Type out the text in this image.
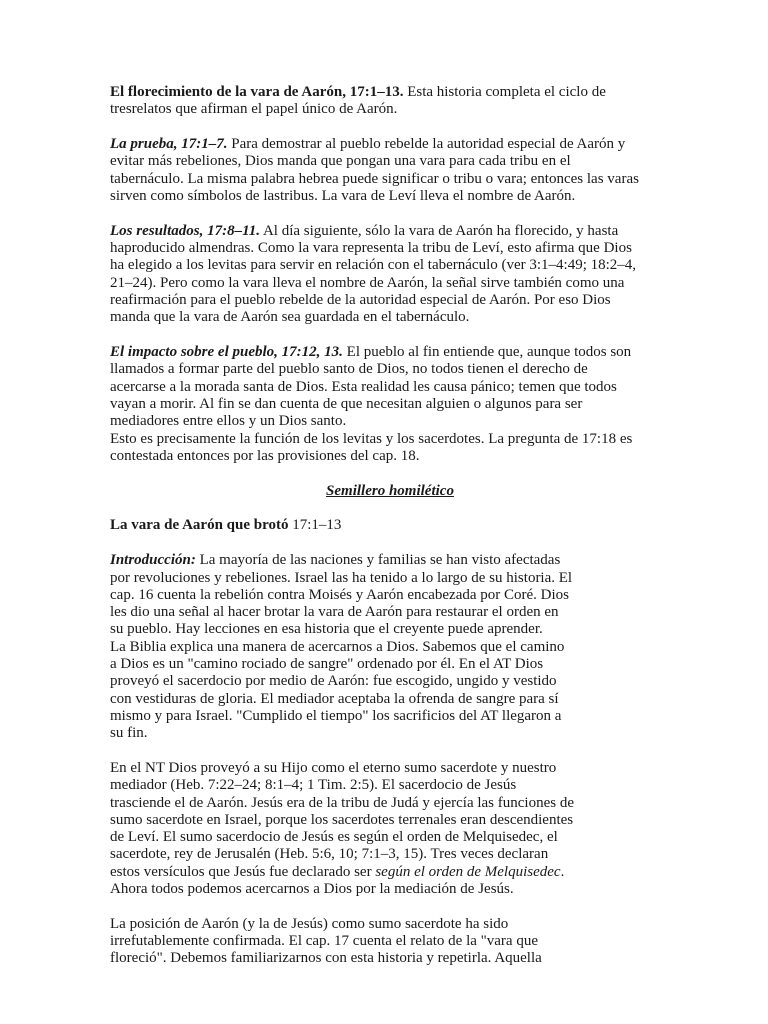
El florecimiento de la vara de Aarón, 17:1–13. Esta historia completa el ciclo de
tresrelatos que afirman el papel único de Aarón.
La prueba, 17:1–7. Para demostrar al pueblo rebelde la autoridad especial de Aarón y
evitar más rebeliones, Dios manda que pongan una vara para cada tribu en el
tabernáculo. La misma palabra hebrea puede significar o tribu o vara; entonces las varas
sirven como símbolos de lastribus. La vara de Leví lleva el nombre de Aarón.
Los resultados, 17:8–11. Al día siguiente, sólo la vara de Aarón ha florecido, y hasta
haproducido almendras. Como la vara representa la tribu de Leví, esto afirma que Dios
ha elegido a los levitas para servir en relación con el tabernáculo (ver 3:1–4:49; 18:2–4,
21–24). Pero como la vara lleva el nombre de Aarón, la señal sirve también como una
reafirmación para el pueblo rebelde de la autoridad especial de Aarón. Por eso Dios
manda que la vara de Aarón sea guardada en el tabernáculo.
El impacto sobre el pueblo, 17:12, 13. El pueblo al fin entiende que, aunque todos son
llamados a formar parte del pueblo santo de Dios, no todos tienen el derecho de
acercarse a la morada santa de Dios. Esta realidad les causa pánico; temen que todos
vayan a morir. Al fin se dan cuenta de que necesitan alguien o algunos para ser
mediadores entre ellos y un Dios santo.
Esto es precisamente la función de los levitas y los sacerdotes. La pregunta de 17:18 es
contestada entonces por las provisiones del cap. 18.
Semillero homilético
La vara de Aarón que brotó 17:1–13
Introducción: La mayoría de las naciones y familias se han visto afectadas
por revoluciones y rebeliones. Israel las ha tenido a lo largo de su historia. El
cap. 16 cuenta la rebelión contra Moisés y Aarón encabezada por Coré. Dios
les dio una señal al hacer brotar la vara de Aarón para restaurar el orden en
su pueblo. Hay lecciones en esa historia que el creyente puede aprender.
La Biblia explica una manera de acercarnos a Dios. Sabemos que el camino
a Dios es un "camino rociado de sangre" ordenado por él. En el AT Dios
proveyó el sacerdocio por medio de Aarón: fue escogido, ungido y vestido
con vestiduras de gloria. El mediador aceptaba la ofrenda de sangre para sí
mismo y para Israel. "Cumplido el tiempo" los sacrificios del AT llegaron a
su fin.
En el NT Dios proveyó a su Hijo como el eterno sumo sacerdote y nuestro
mediador (Heb. 7:22–24; 8:1–4; 1 Tim. 2:5). El sacerdocio de Jesús
trasciende el de Aarón. Jesús era de la tribu de Judá y ejercía las funciones de
sumo sacerdote en Israel, porque los sacerdotes terrenales eran descendientes
de Leví. El sumo sacerdocio de Jesús es según el orden de Melquisedec, el
sacerdote, rey de Jerusalén (Heb. 5:6, 10; 7:1–3, 15). Tres veces declaran
estos versículos que Jesús fue declarado ser según el orden de Melquisedec.
Ahora todos podemos acercarnos a Dios por la mediación de Jesús.
La posición de Aarón (y la de Jesús) como sumo sacerdote ha sido
irrefutablemente confirmada. El cap. 17 cuenta el relato de la "vara que
floreció". Debemos familiarizarnos con esta historia y repetirla. Aquella
